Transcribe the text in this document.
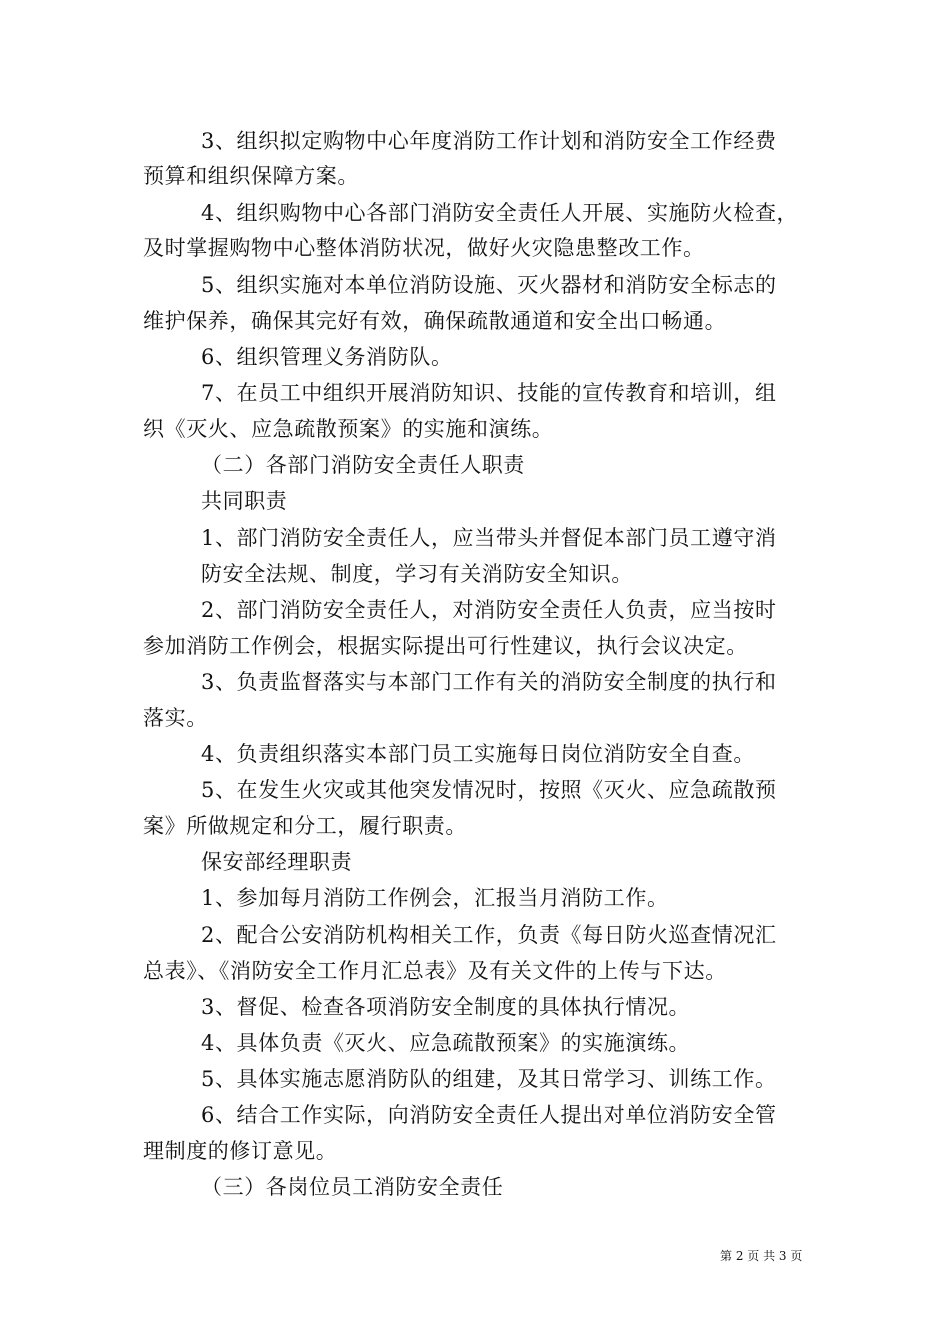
3、组织拟定购物中心年度消防工作计划和消防安全工作经费
预算和组织保障方案。
4、组织购物中心各部门消防安全责任人开展、实施防火检查，
及时掌握购物中心整体消防状况，做好火灾隐患整改工作。
5、组织实施对本单位消防设施、灭火器材和消防安全标志的
维护保养，确保其完好有效，确保疏散通道和安全出口畅通。
6、组织管理义务消防队。
7、在员工中组织开展消防知识、技能的宣传教育和培训，组
织《灭火、应急疏散预案》的实施和演练。
（二）各部门消防安全责任人职责
共同职责
1、部门消防安全责任人，应当带头并督促本部门员工遵守消
防安全法规、制度，学习有关消防安全知识。
2、部门消防安全责任人，对消防安全责任人负责，应当按时
参加消防工作例会，根据实际提出可行性建议，执行会议决定。
3、负责监督落实与本部门工作有关的消防安全制度的执行和
落实。
4、负责组织落实本部门员工实施每日岗位消防安全自查。
5、在发生火灾或其他突发情况时，按照《灭火、应急疏散预
案》所做规定和分工，履行职责。
保安部经理职责
1、参加每月消防工作例会，汇报当月消防工作。
2、配合公安消防机构相关工作，负责《每日防火巡查情况汇
总表》、《消防安全工作月汇总表》及有关文件的上传与下达。
3、督促、检查各项消防安全制度的具体执行情况。
4、具体负责《灭火、应急疏散预案》的实施演练。
5、具体实施志愿消防队的组建，及其日常学习、训练工作。
6、结合工作实际，向消防安全责任人提出对单位消防安全管
理制度的修订意见。
（三）各岗位员工消防安全责任
第 2 页 共 3 页
